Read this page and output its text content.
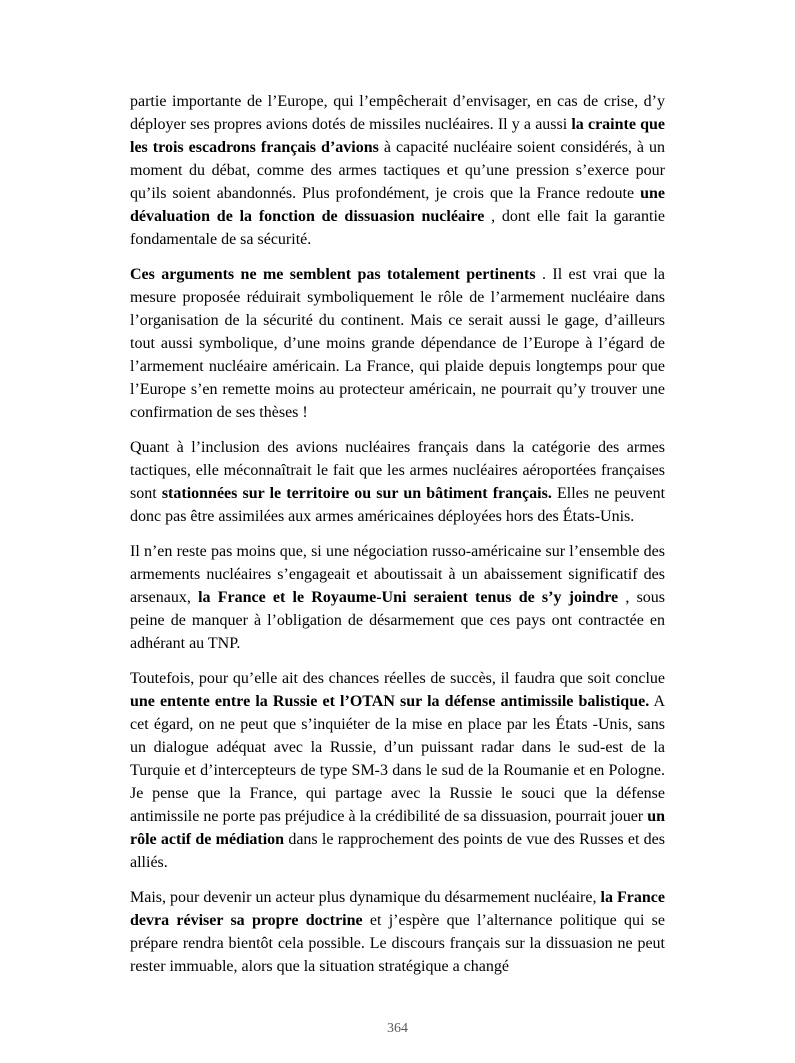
partie importante de l’Europe, qui l’empêcherait d’envisager, en cas de crise, d’y déployer ses propres avions dotés de missiles nucléaires. Il y a aussi la crainte que les trois escadrons français d’avions à capacité nucléaire soient considérés, à un moment du débat, comme des armes tactiques et qu’une pression s’exerce pour qu’ils soient abandonnés. Plus profondément, je crois que la France redoute une dévaluation de la fonction de dissuasion nucléaire , dont elle fait la garantie fondamentale de sa sécurité.

Ces arguments ne me semblent pas totalement pertinents . Il est vrai que la mesure proposée réduirait symboliquement le rôle de l’armement nucléaire dans l’organisation de la sécurité du continent. Mais ce serait aussi le gage, d’ailleurs tout aussi symbolique, d’une moins grande dépendance de l’Europe à l’égard de l’armement nucléaire américain. La France, qui plaide depuis longtemps pour que l’Europe s’en remette moins au protecteur américain, ne pourrait qu’y trouver une confirmation de ses thèses !

Quant à l’inclusion des avions nucléaires français dans la catégorie des armes tactiques, elle méconnaîtrait le fait que les armes nucléaires aéroportées françaises sont stationnées sur le territoire ou sur un bâtiment français. Elles ne peuvent donc pas être assimilées aux armes américaines déployées hors des États-Unis.

Il n’en reste pas moins que, si une négociation russo-américaine sur l’ensemble des armements nucléaires s’engageait et aboutissait à un abaissement significatif des arsenaux, la France et le Royaume-Uni seraient tenus de s’y joindre , sous peine de manquer à l’obligation de désarmement que ces pays ont contractée en adhérant au TNP.

Toutefois, pour qu’elle ait des chances réelles de succès, il faudra que soit conclue une entente entre la Russie et l’OTAN sur la défense antimissile balistique. A cet égard, on ne peut que s’inquiéter de la mise en place par les États -Unis, sans un dialogue adéquat avec la Russie, d’un puissant radar dans le sud-est de la Turquie et d’intercepteurs de type SM-3 dans le sud de la Roumanie et en Pologne. Je pense que la France, qui partage avec la Russie le souci que la défense antimissile ne porte pas préjudice à la crédibilité de sa dissuasion, pourrait jouer un rôle actif de médiation dans le rapprochement des points de vue des Russes et des alliés.

Mais, pour devenir un acteur plus dynamique du désarmement nucléaire, la France devra réviser sa propre doctrine et j’espère que l’alternance politique qui se prépare rendra bientôt cela possible. Le discours français sur la dissuasion ne peut rester immuable, alors que la situation stratégique a changé

364
